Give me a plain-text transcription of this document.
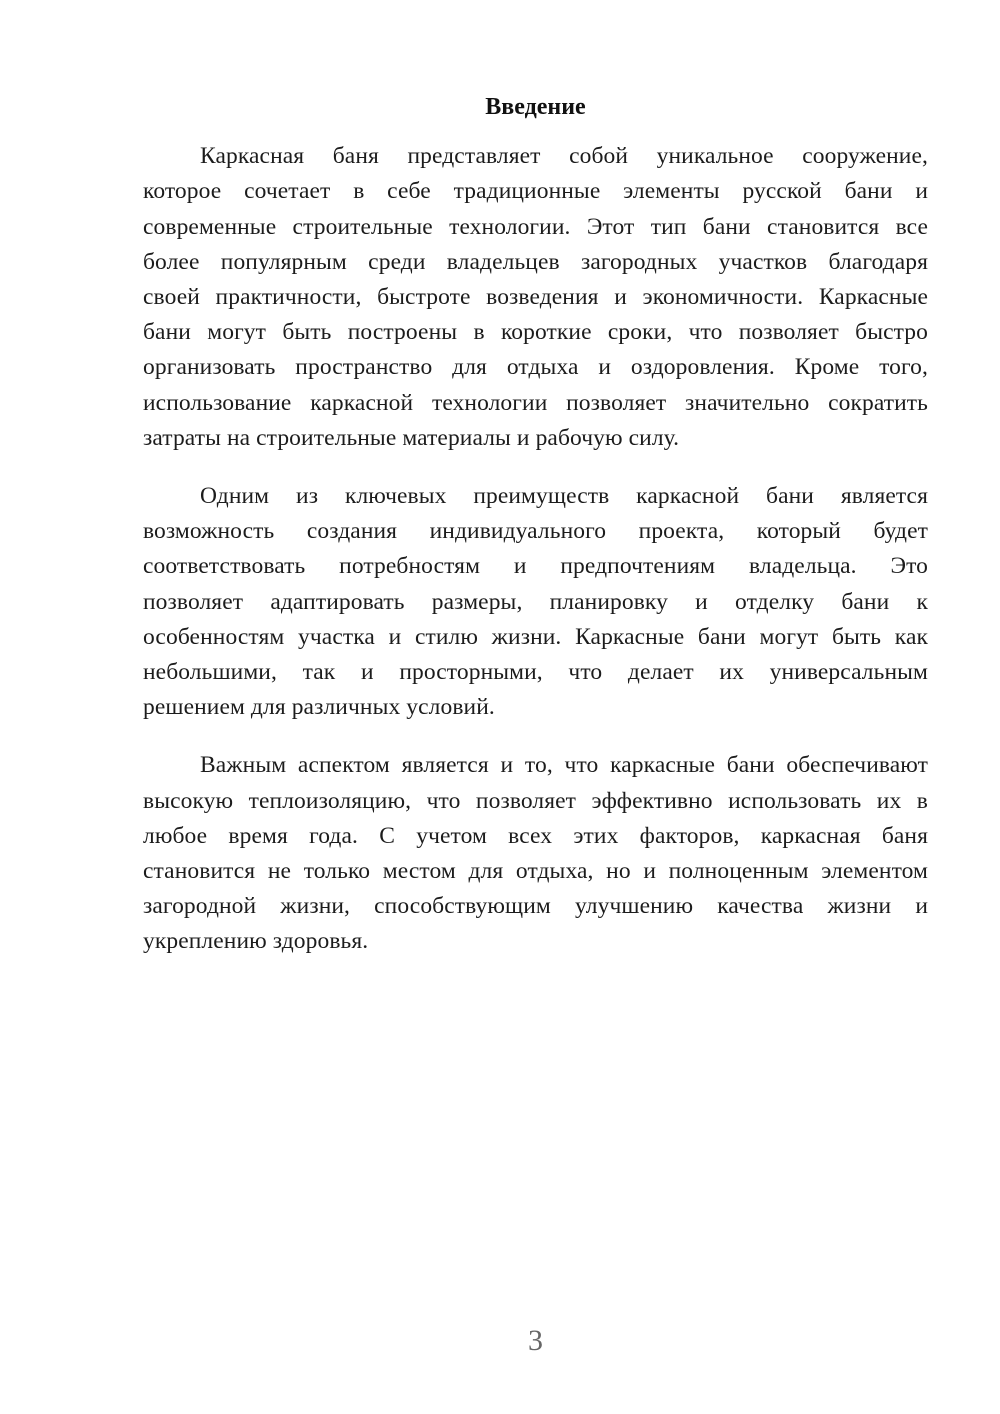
Введение
Каркасная баня представляет собой уникальное сооружение,
которое сочетает в себе традиционные элементы русской бани и
современные строительные технологии. Этот тип бани становится все
более популярным среди владельцев загородных участков благодаря
своей практичности, быстроте возведения и экономичности. Каркасные
бани могут быть построены в короткие сроки, что позволяет быстро
организовать пространство для отдыха и оздоровления. Кроме того,
использование каркасной технологии позволяет значительно сократить
затраты на строительные материалы и рабочую силу.
Одним из ключевых преимуществ каркасной бани является
возможность создания индивидуального проекта, который будет
соответствовать потребностям и предпочтениям владельца. Это
позволяет адаптировать размеры, планировку и отделку бани к
особенностям участка и стилю жизни. Каркасные бани могут быть как
небольшими, так и просторными, что делает их универсальным
решением для различных условий.
Важным аспектом является и то, что каркасные бани обеспечивают
высокую теплоизоляцию, что позволяет эффективно использовать их в
любое время года. С учетом всех этих факторов, каркасная баня
становится не только местом для отдыха, но и полноценным элементом
загородной жизни, способствующим улучшению качества жизни и
укреплению здоровья.
3
